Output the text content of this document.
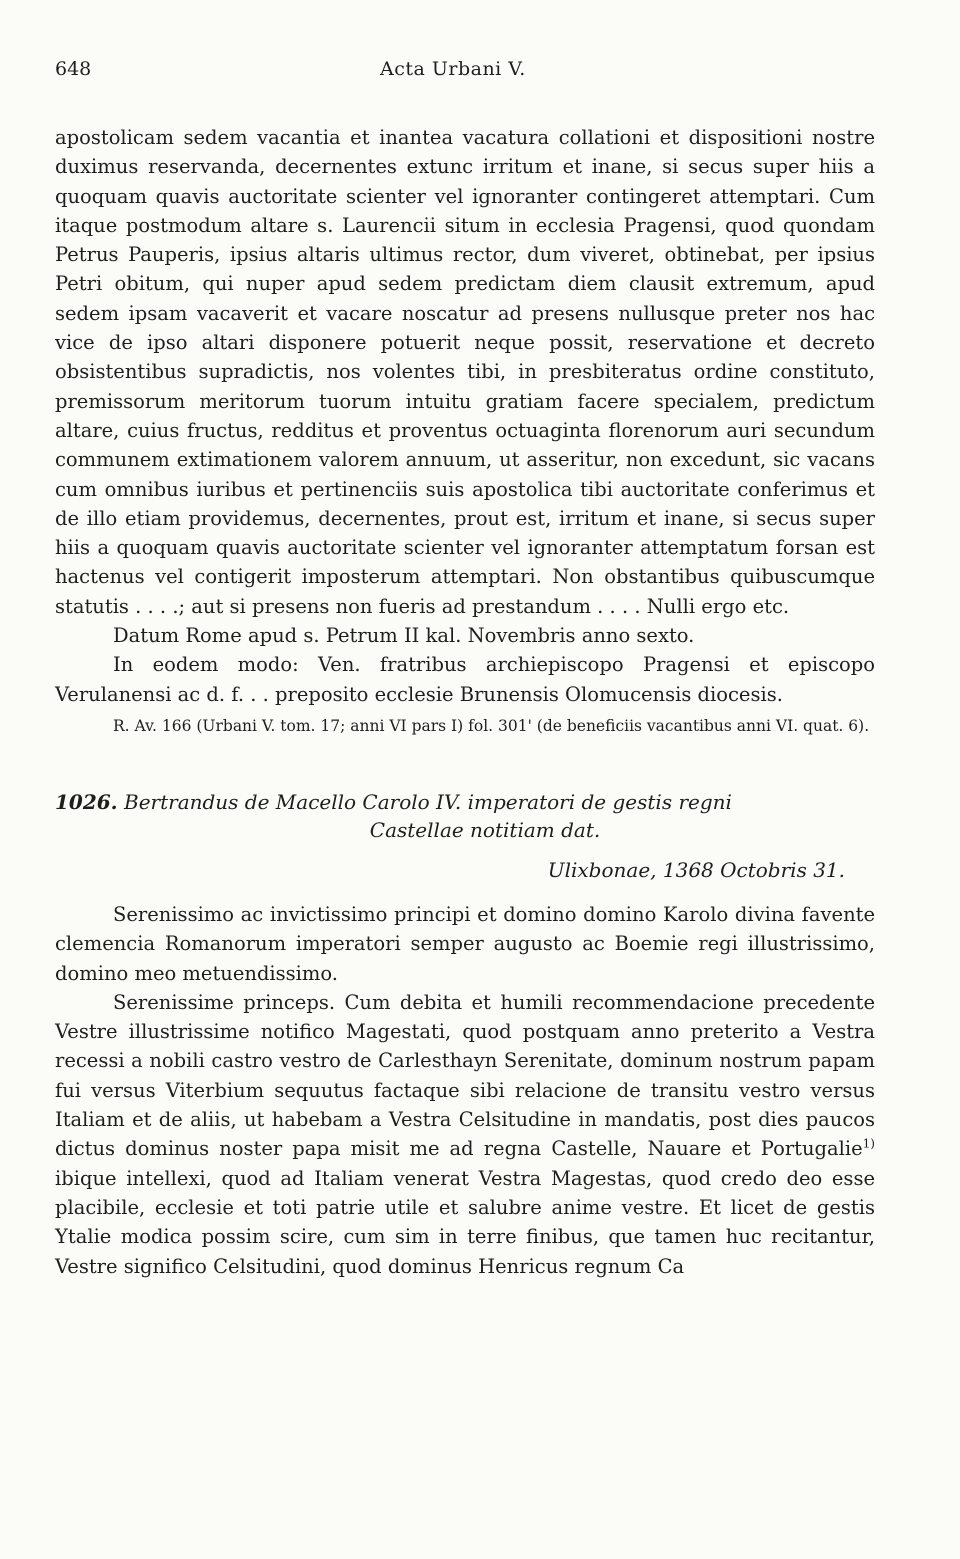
648	Acta Urbani V.

apostolicam sedem vacantia et inantea vacatura collationi et dispositioni nostre duximus reservanda, decernentes extunc irritum et inane, si secus super hiis a quoquam quavis auctoritate scienter vel ignoranter contingeret attemptari. Cum itaque postmodum altare s. Laurencii situm in ecclesia Pragensi, quod quondam Petrus Pauperis, ipsius altaris ultimus rector, dum viveret, obtinebat, per ipsius Petri obitum, qui nuper apud sedem predictam diem clausit extremum, apud sedem ipsam vacaverit et vacare noscatur ad presens nullusque preter nos hac vice de ipso altari disponere potuerit neque possit, reservatione et decreto obsistentibus supradictis, nos volentes tibi, in presbiteratus ordine constituto, premissorum meritorum tuorum intuitu gratiam facere specialem, predictum altare, cuius fructus, redditus et proventus octuaginta florenorum auri secundum communem extimationem valorem annuum, ut asseritur, non excedunt, sic vacans cum omnibus iuribus et pertinenciis suis apostolica tibi auctoritate conferimus et de illo etiam providemus, decernentes, prout est, irritum et inane, si secus super hiis a quoquam quavis auctoritate scienter vel ignoranter attemptatum forsan est hactenus vel contigerit imposterum attemptari. Non obstantibus quibuscumque statutis . . . .; aut si presens non fueris ad prestandum . . . . Nulli ergo etc.

Datum Rome apud s. Petrum II kal. Novembris anno sexto.

In eodem modo: Ven. fratribus archiepiscopo Pragensi et episcopo Verulanensi ac d. f. . . preposito ecclesie Brunensis Olomucensis diocesis.

R. Av. 166 (Urbani V. tom. 17; anni VI pars I) fol. 301' (de beneficiis vacantibus anni VI. quat. 6).

1026. Bertrandus de Macello Carolo IV. imperatori de gestis regni
Castellae notitiam dat.
Ulixbonae, 1368 Octobris 31.

Serenissimo ac invictissimo principi et domino domino Karolo divina favente clemencia Romanorum imperatori semper augusto ac Boemie regi illustrissimo, domino meo metuendissimo.

Serenissime princeps. Cum debita et humili recommendacione precedente Vestre illustrissime notifico Magestati, quod postquam anno preterito a Vestra recessi a nobili castro vestro de Carlesthayn Serenitate, dominum nostrum papam fui versus Viterbium sequutus factaque sibi relacione de transitu vestro versus Italiam et de aliis, ut habebam a Vestra Celsitudine in mandatis, post dies paucos dictus dominus noster papa misit me ad regna Castelle, Nauare et Portugalie$^{1)}$ ibique intellexi, quod ad Italiam venerat Vestra Magestas, quod credo deo esse placibile, ecclesie et toti patrie utile et salubre anime vestre. Et licet de gestis Ytalie modica possim scire, cum sim in terre finibus, que tamen huc recitantur, Vestre significo Celsitudini, quod dominus Henricus regnum Ca
